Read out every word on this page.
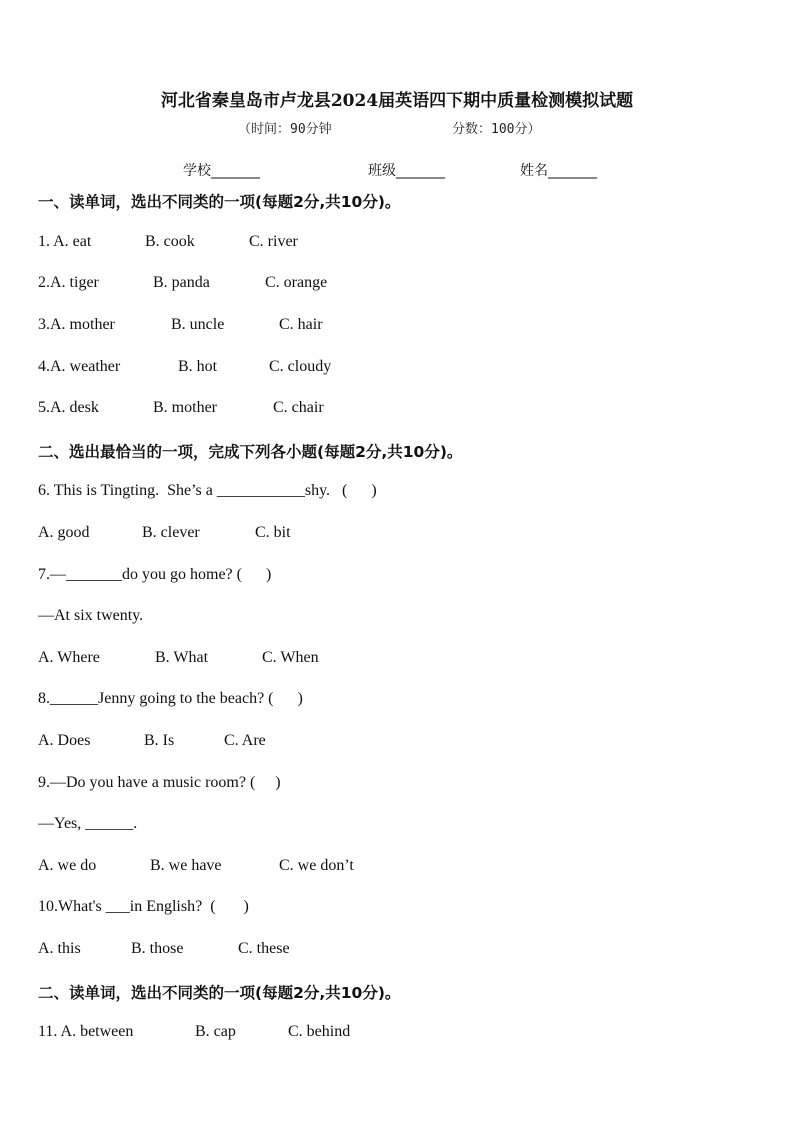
河北省秦皇岛市卢龙县2024届英语四下期中质量检测模拟试题
（时间：90分钟	分数：100分）
学校_______	班级_______	姓名_______
一、读单词，选出不同类的一项(每题2分,共10分)。
1. A. eat	B. cook	C. river
2.A. tiger	B. panda	C. orange
3.A. mother	B. uncle	C. hair
4.A. weather	B. hot	C. cloudy
5.A. desk	B. mother	C. chair
二、选出最恰当的一项，完成下列各小题(每题2分,共10分)。
6. This is Tingting.  She’s a ___________shy.   (      )
A. good	B. clever	C. bit
7.—_______do you go home? (      )
—At six twenty.
A. Where	B. What	C. When
8.______Jenny going to the beach? (      )
A. Does	B. Is	C. Are
9.—Do you have a music room? (     )
—Yes, ______.
A. we do	B. we have	C. we don’t
10.What's ___in English?  (       )
A. this	B. those	C. these
二、读单词，选出不同类的一项(每题2分,共10分)。
11. A. between	B. cap	C. behind
